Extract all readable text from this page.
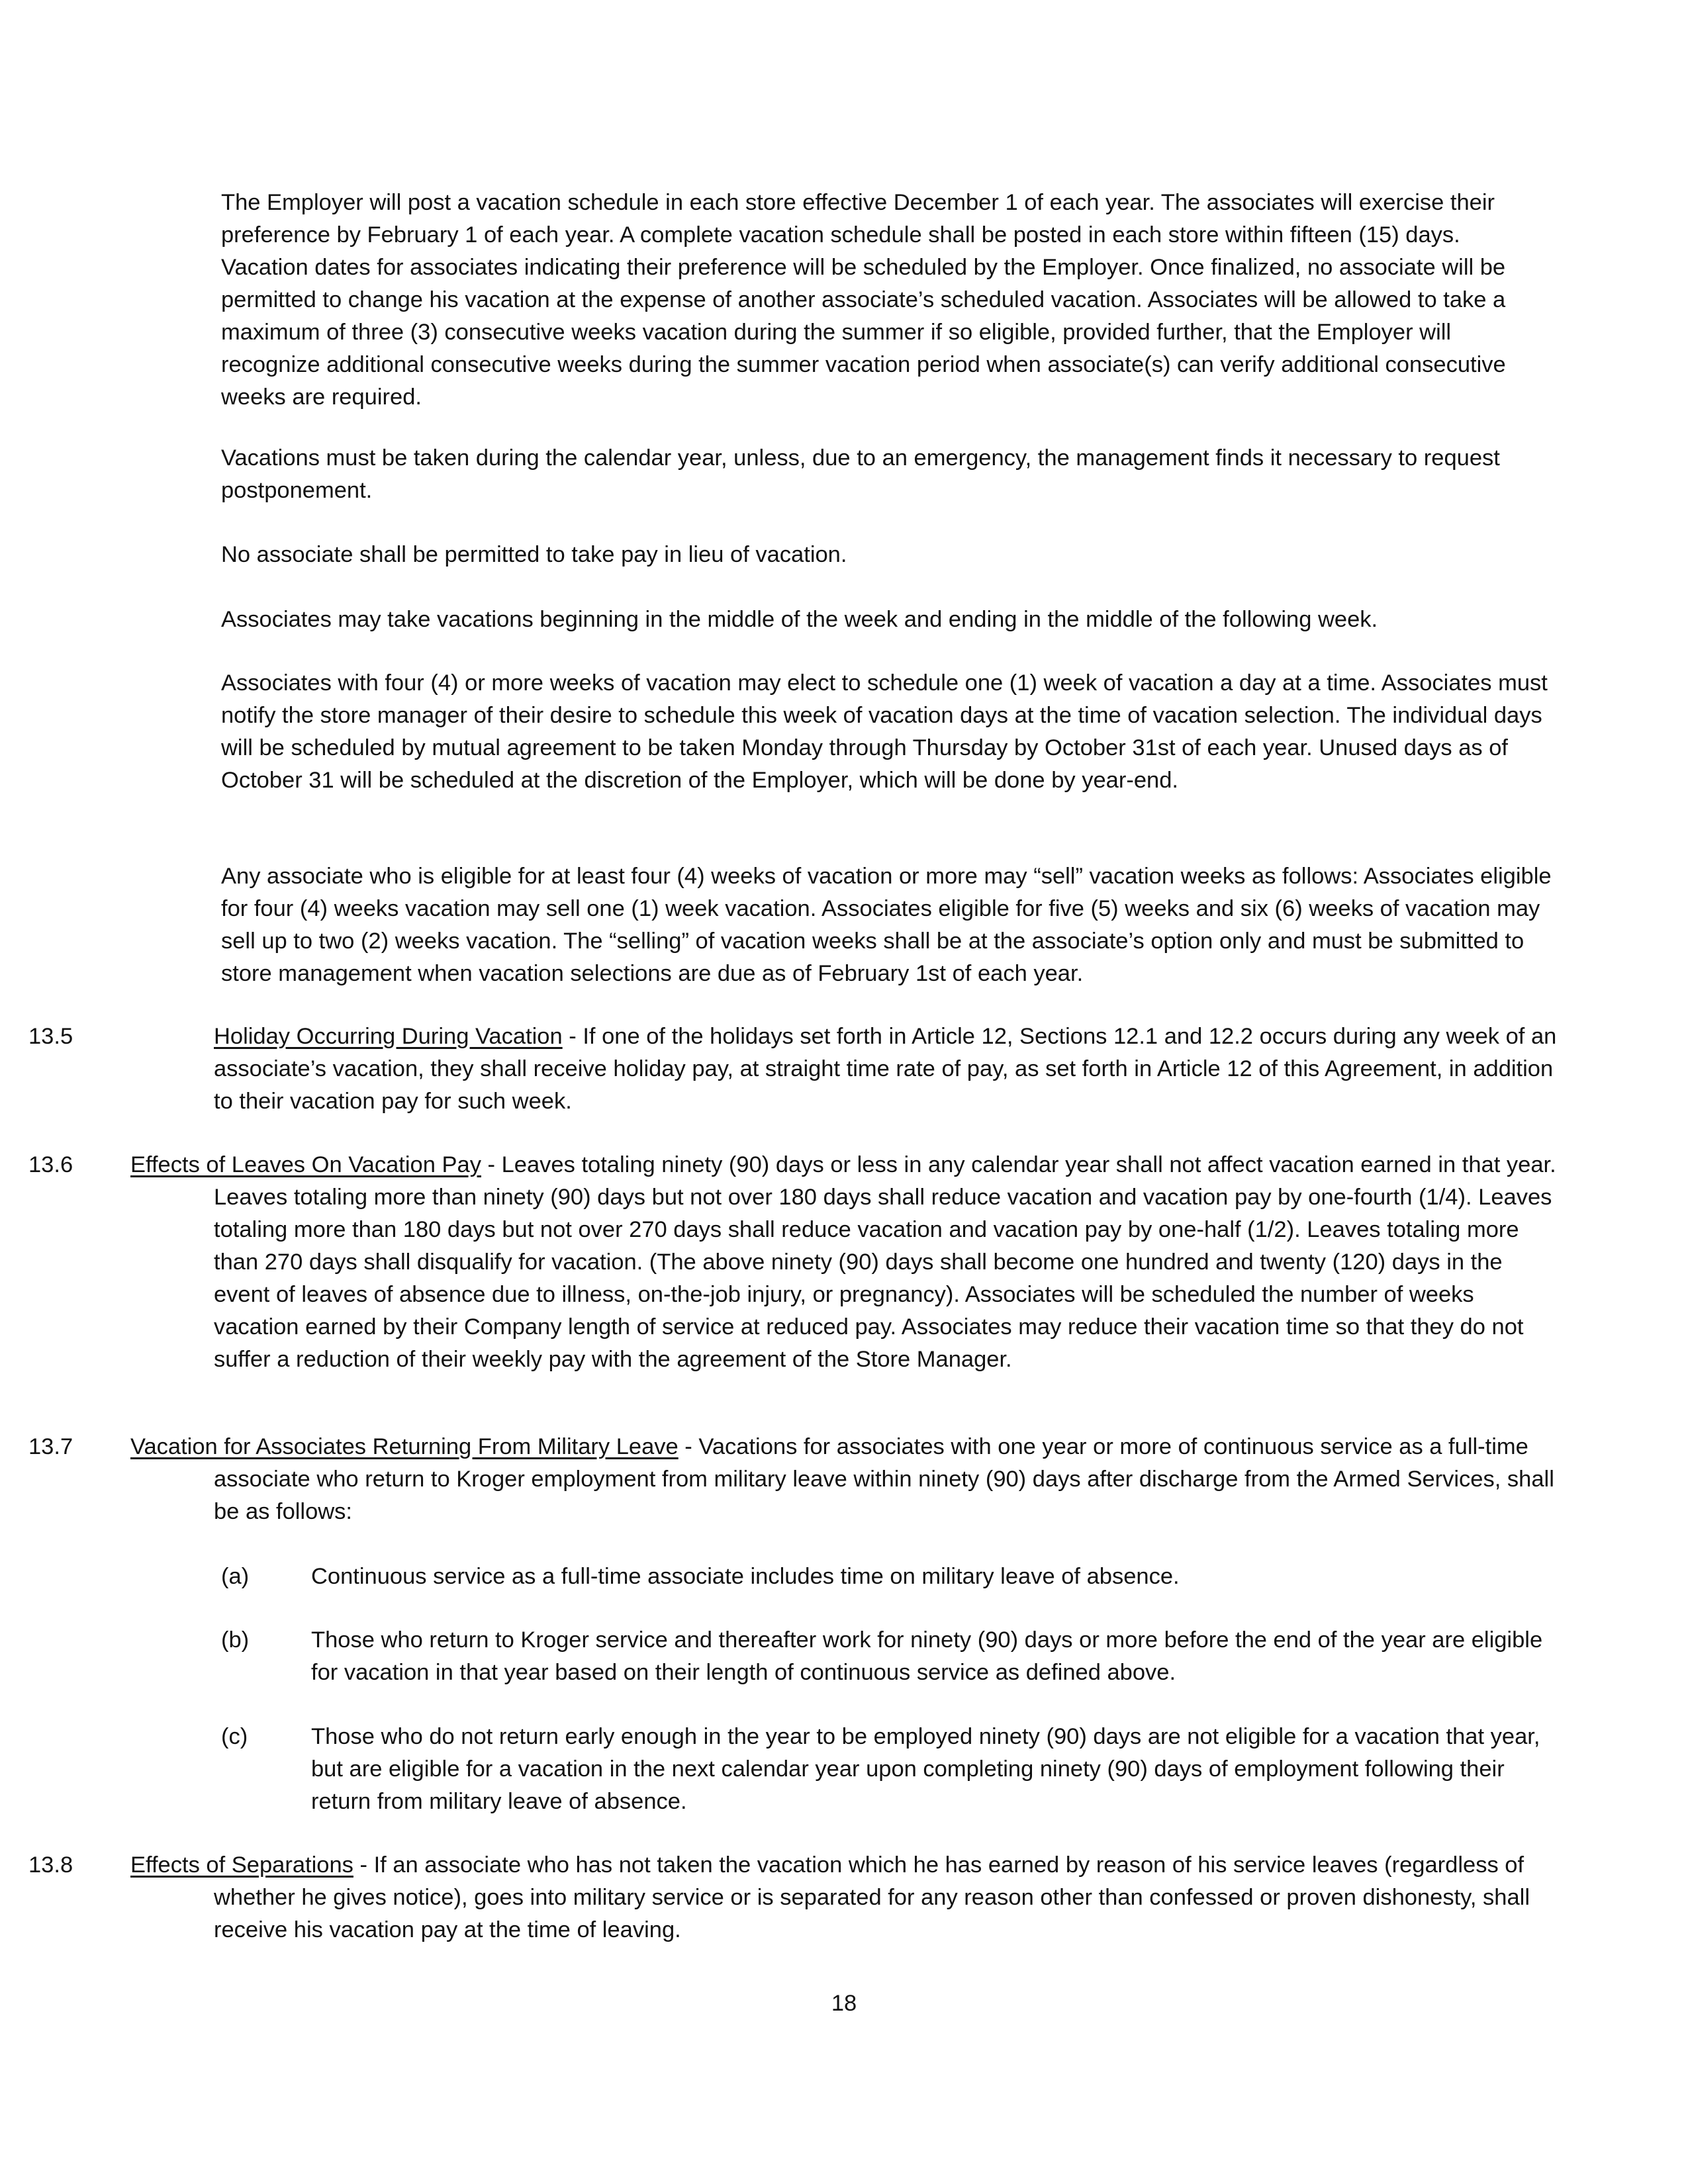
The Employer will post a vacation schedule in each store effective December 1 of each year. The associates will exercise their preference by February 1 of each year. A complete vacation schedule shall be posted in each store within fifteen (15) days. Vacation dates for associates indicating their preference will be scheduled by the Employer. Once finalized, no associate will be permitted to change his vacation at the expense of another associate’s scheduled vacation. Associates will be allowed to take a maximum of three (3) consecutive weeks vacation during the summer if so eligible, provided further, that the Employer will recognize additional consecutive weeks during the summer vacation period when associate(s) can verify additional consecutive weeks are required.

Vacations must be taken during the calendar year, unless, due to an emergency, the management finds it necessary to request postponement.

No associate shall be permitted to take pay in lieu of vacation.

Associates may take vacations beginning in the middle of the week and ending in the middle of the following week.

Associates with four (4) or more weeks of vacation may elect to schedule one (1) week of vacation a day at a time. Associates must notify the store manager of their desire to schedule this week of vacation days at the time of vacation selection. The individual days will be scheduled by mutual agreement to be taken Monday through Thursday by October 31st of each year. Unused days as of October 31 will be scheduled at the discretion of the Employer, which will be done by year-end.

Any associate who is eligible for at least four (4) weeks of vacation or more may “sell” vacation weeks as follows: Associates eligible for four (4) weeks vacation may sell one (1) week vacation. Associates eligible for five (5) weeks and six (6) weeks of vacation may sell up to two (2) weeks vacation. The “selling” of vacation weeks shall be at the associate’s option only and must be submitted to store management when vacation selections are due as of February 1st of each year.

13.5	Holiday Occurring During Vacation - If one of the holidays set forth in Article 12, Sections 12.1 and 12.2 occurs during any week of an associate’s vacation, they shall receive holiday pay, at straight time rate of pay, as set forth in Article 12 of this Agreement, in addition to their vacation pay for such week.

13.6	Effects of Leaves On Vacation Pay - Leaves totaling ninety (90) days or less in any calendar year shall not affect vacation earned in that year. Leaves totaling more than ninety (90) days but not over 180 days shall reduce vacation and vacation pay by one-fourth (1/4). Leaves totaling more than 180 days but not over 270 days shall reduce vacation and vacation pay by one-half (1/2). Leaves totaling more than 270 days shall disqualify for vacation. (The above ninety (90) days shall become one hundred and twenty (120) days in the event of leaves of absence due to illness, on-the-job injury, or pregnancy). Associates will be scheduled the number of weeks vacation earned by their Company length of service at reduced pay. Associates may reduce their vacation time so that they do not suffer a reduction of their weekly pay with the agreement of the Store Manager.

13.7	Vacation for Associates Returning From Military Leave - Vacations for associates with one year or more of continuous service as a full-time associate who return to Kroger employment from military leave within ninety (90) days after discharge from the Armed Services, shall be as follows:

(a)	Continuous service as a full-time associate includes time on military leave of absence.

(b)	Those who return to Kroger service and thereafter work for ninety (90) days or more before the end of the year are eligible for vacation in that year based on their length of continuous service as defined above.

(c)	Those who do not return early enough in the year to be employed ninety (90) days are not eligible for a vacation that year, but are eligible for a vacation in the next calendar year upon completing ninety (90) days of employment following their return from military leave of absence.

13.8	Effects of Separations - If an associate who has not taken the vacation which he has earned by reason of his service leaves (regardless of whether he gives notice), goes into military service or is separated for any reason other than confessed or proven dishonesty, shall receive his vacation pay at the time of leaving.

18
